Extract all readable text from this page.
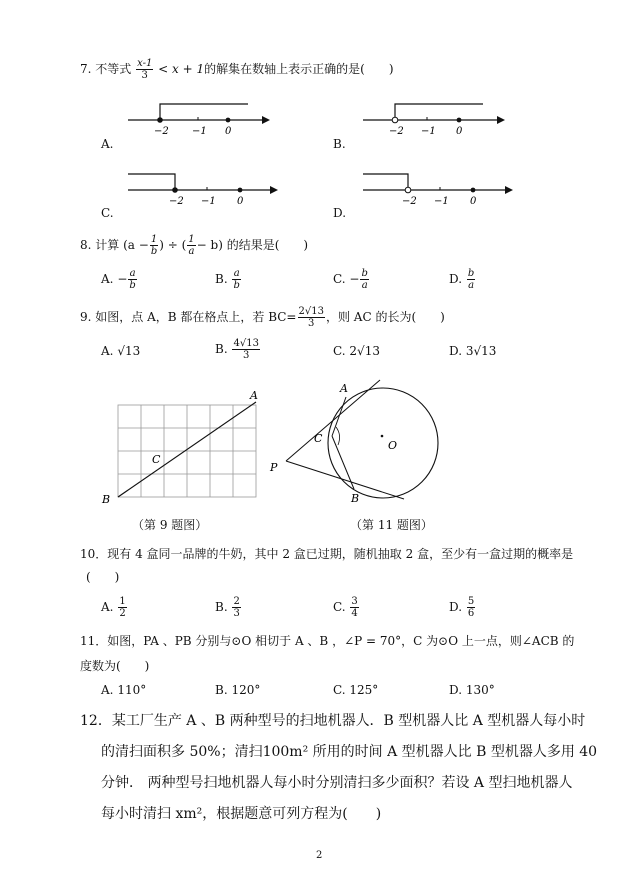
7. 不等式 $\frac{x-1}{3} < x + 1$的解集在数轴上表示正确的是(　　)
−2 −1 0
A.
−2 −1 0
B.
−2 −1 0
C.
−2 −1 0
D.
8. 计算 ($a - \frac{1}{b}$ ) ÷ ( $\frac{1}{a} - b$) 的结果是(　　)
A. − $\frac{a}{b}$	B. $\frac{a}{b}$	C. − $\frac{b}{a}$	D. $\frac{b}{a}$
9. 如图，点 A，B 都在格点上，若 $BC= \frac{2√13}{3}$ ，则 AC 的长为(　　)
A. √13	B. $\frac{4√13}{3}$	C. 2√13	D. 3√13
A
B
C
（第 9 题图）
A
B
C
P
O
（第 11 题图）
10．现有 4 盒同一品牌的牛奶，其中 2 盒已过期，随机抽取 2 盒，至少有一盒过期的概率是
(　　)
A. $\frac{1}{2}$	B. $\frac{2}{3}$	C. $\frac{3}{4}$	D. $\frac{5}{6}$
11．如图，PA 、PB 分别与⊙O 相切于 A 、B ，∠P = 70°，C 为⊙O 上一点，则∠ACB 的
度数为(　　)
A. 110°	B. 120°	C. 125°	D. 130°
12．某工厂生产 A 、B 两种型号的扫地机器人．B 型机器人比 A 型机器人每小时
的清扫面积多 50%；清扫100m² 所用的时间 A 型机器人比 B 型机器人多用 40
分钟． 两种型号扫地机器人每小时分别清扫多少面积？若设 A 型扫地机器人
每小时清扫 xm²，根据题意可列方程为(　　)
2
